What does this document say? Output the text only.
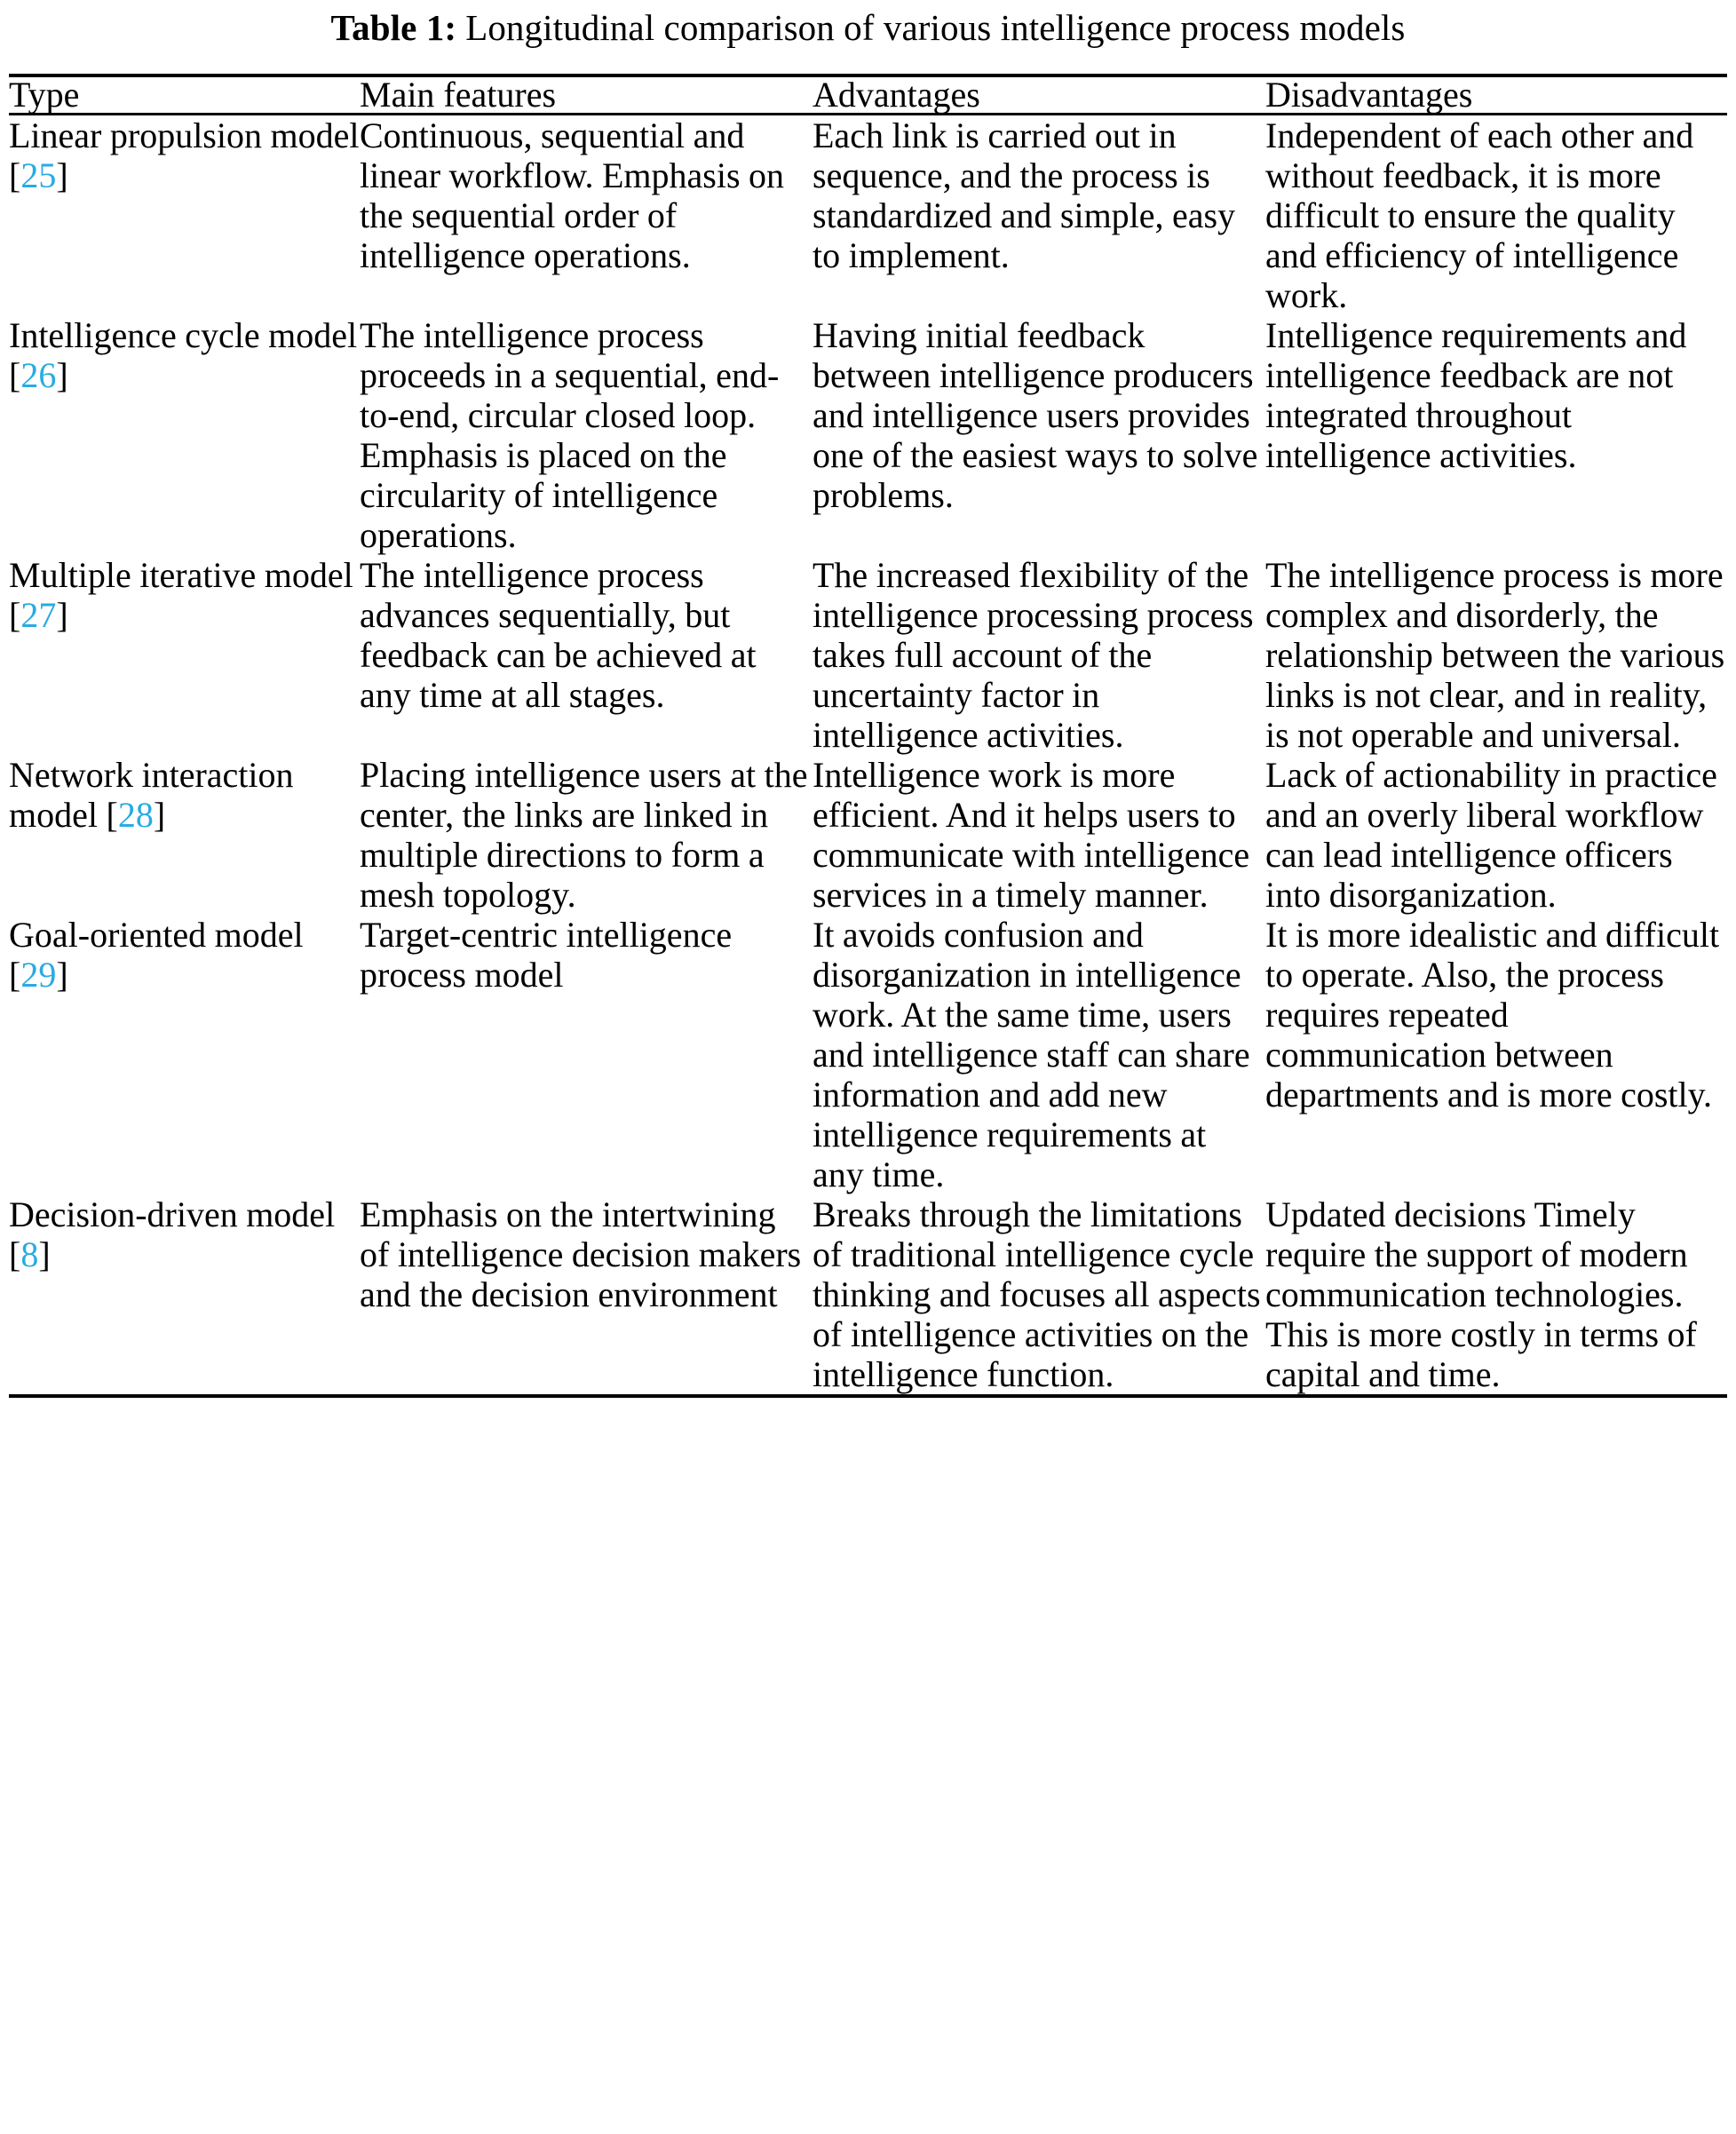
Table 1: Longitudinal comparison of various intelligence process models
Type	Main features	Advantages	Disadvantages
Linear propulsion model [25]	Continuous, sequential and linear workflow. Emphasis on the sequential order of intelligence operations.	Each link is carried out in sequence, and the process is standardized and simple, easy to implement.	Independent of each other and without feedback, it is more difficult to ensure the quality and efficiency of intelligence work.

Intelligence cycle model [26]	The intelligence process proceeds in a sequential, end-to-end, circular closed loop. Emphasis is placed on the circularity of intelligence operations.	Having initial feedback between intelligence producers and intelligence users provides one of the easiest ways to solve problems.	Intelligence requirements and intelligence feedback are not integrated throughout intelligence activities.

Multiple iterative model [27]	The intelligence process advances sequentially, but feedback can be achieved at any time at all stages.	The increased flexibility of the intelligence processing process takes full account of the uncertainty factor in intelligence activities.	The intelligence process is more complex and disorderly, the relationship between the various links is not clear, and in reality, is not operable and universal.

Network interaction model [28]	Placing intelligence users at the center, the links are linked in multiple directions to form a mesh topology.	Intelligence work is more efficient. And it helps users to communicate with intelligence services in a timely manner.	Lack of actionability in practice and an overly liberal workflow can lead intelligence officers into disorganization.

Goal-oriented model [29]	Target-centric intelligence process model	It avoids confusion and disorganization in intelligence work. At the same time, users and intelligence staff can share information and add new intelligence requirements at any time.	It is more idealistic and difficult to operate. Also, the process requires repeated communication between departments and is more costly.

Decision-driven model [8]	Emphasis on the intertwining of intelligence decision makers and the decision environment	Breaks through the limitations of traditional intelligence cycle thinking and focuses all aspects of intelligence activities on the intelligence function.	Updated decisions Timely require the support of modern communication technologies. This is more costly in terms of capital and time.
